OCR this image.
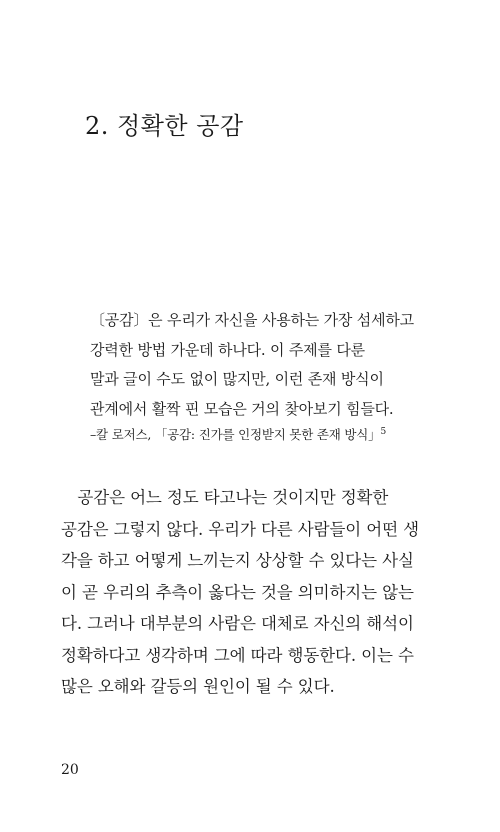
2. 정확한 공감
〔공감〕은 우리가 자신을 사용하는 가장 섬세하고
강력한 방법 가운데 하나다. 이 주제를 다룬
말과 글이 수도 없이 많지만, 이런 존재 방식이
관계에서 활짝 핀 모습은 거의 찾아보기 힘들다.
–칼 로저스, 「공감: 진가를 인정받지 못한 존재 방식」$^5$
 공감은 어느 정도 타고나는 것이지만 정확한
공감은 그렇지 않다. 우리가 다른 사람들이 어떤 생
각을 하고 어떻게 느끼는지 상상할 수 있다는 사실
이 곧 우리의 추측이 옳다는 것을 의미하지는 않는
다. 그러나 대부분의 사람은 대체로 자신의 해석이
정확하다고 생각하며 그에 따라 행동한다. 이는 수
많은 오해와 갈등의 원인이 될 수 있다.
20
